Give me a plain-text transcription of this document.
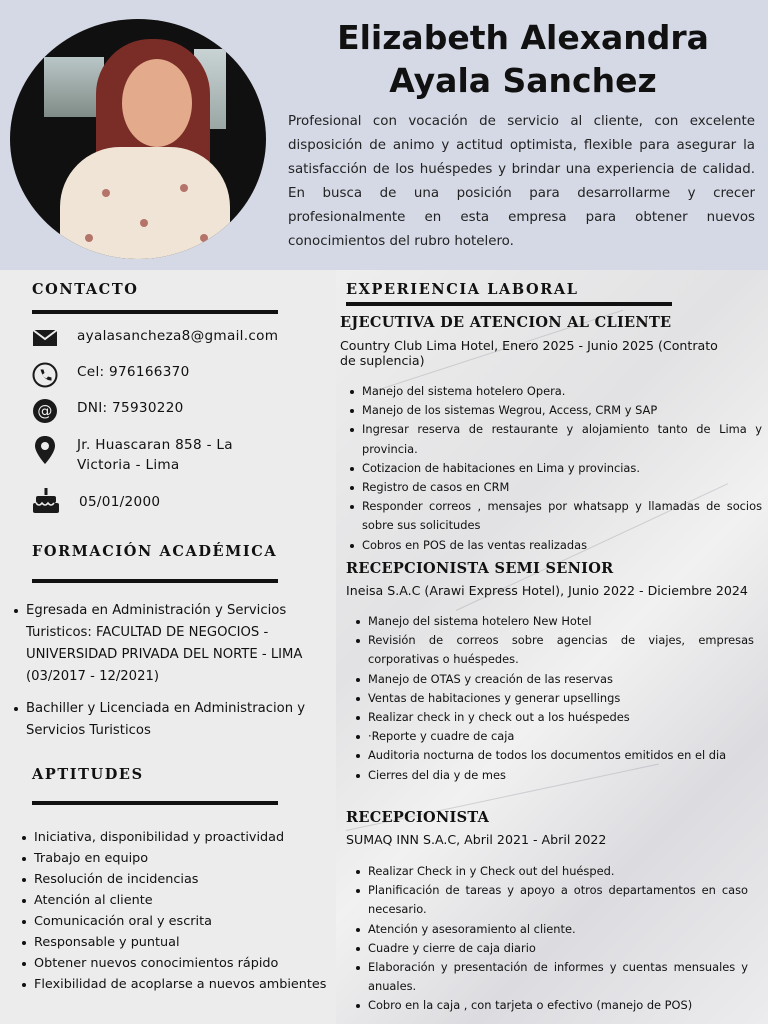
Elizabeth Alexandra
Ayala Sanchez
Profesional con vocación de servicio al cliente, con excelente disposición de animo y actitud optimista, flexible para asegurar la satisfacción de los huéspedes y brindar una experiencia de calidad. En busca de una posición para desarrollarme y crecer profesionalmente en esta empresa para obtener nuevos conocimientos del rubro hotelero.
CONTACTO
ayalasancheza8@gmail.com
Cel: 976166370
@ DNI: 75930220
Jr. Huascaran 858 - La Victoria - Lima
05/01/2000
FORMACIÓN ACADÉMICA
Egresada en Administración y Servicios Turisticos: FACULTAD DE NEGOCIOS - UNIVERSIDAD PRIVADA DEL NORTE - LIMA (03/2017 - 12/2021)
Bachiller y Licenciada en Administracion y Servicios Turisticos
APTITUDES
Iniciativa, disponibilidad y proactividad
Trabajo en equipo
Resolución de incidencias
Atención al cliente
Comunicación oral y escrita
Responsable y puntual
Obtener nuevos conocimientos rápido
Flexibilidad de acoplarse a nuevos ambientes
EXPERIENCIA LABORAL
EJECUTIVA DE ATENCION AL CLIENTE
Country Club Lima Hotel, Enero 2025 - Junio 2025 (Contrato de suplencia)
Manejo del sistema hotelero Opera.
Manejo de los sistemas Wegrou, Access, CRM y SAP
Ingresar reserva de restaurante y alojamiento tanto de Lima y provincia.
Cotizacion de habitaciones en Lima y provincias.
Registro de casos en CRM
Responder correos , mensajes por whatsapp y llamadas de socios sobre sus solicitudes
Cobros en POS de las ventas realizadas
RECEPCIONISTA SEMI SENIOR
Ineisa S.A.C (Arawi Express Hotel), Junio 2022 - Diciembre 2024
Manejo del sistema hotelero New Hotel
Revisión de correos sobre agencias de viajes, empresas corporativas o huéspedes.
Manejo de OTAS y creación de las reservas
Ventas de habitaciones y generar upsellings
Realizar check in y check out a los huéspedes
·Reporte y cuadre de caja
Auditoria nocturna de todos los documentos emitidos en el dia
Cierres del dia y de mes
RECEPCIONISTA
SUMAQ INN S.A.C, Abril 2021 - Abril 2022
Realizar Check in y Check out del huésped.
Planificación de tareas y apoyo a otros departamentos en caso necesario.
Atención y asesoramiento al cliente.
Cuadre y cierre de caja diario
Elaboración y presentación de informes y cuentas mensuales y anuales.
Cobro en la caja , con tarjeta o efectivo (manejo de POS)
